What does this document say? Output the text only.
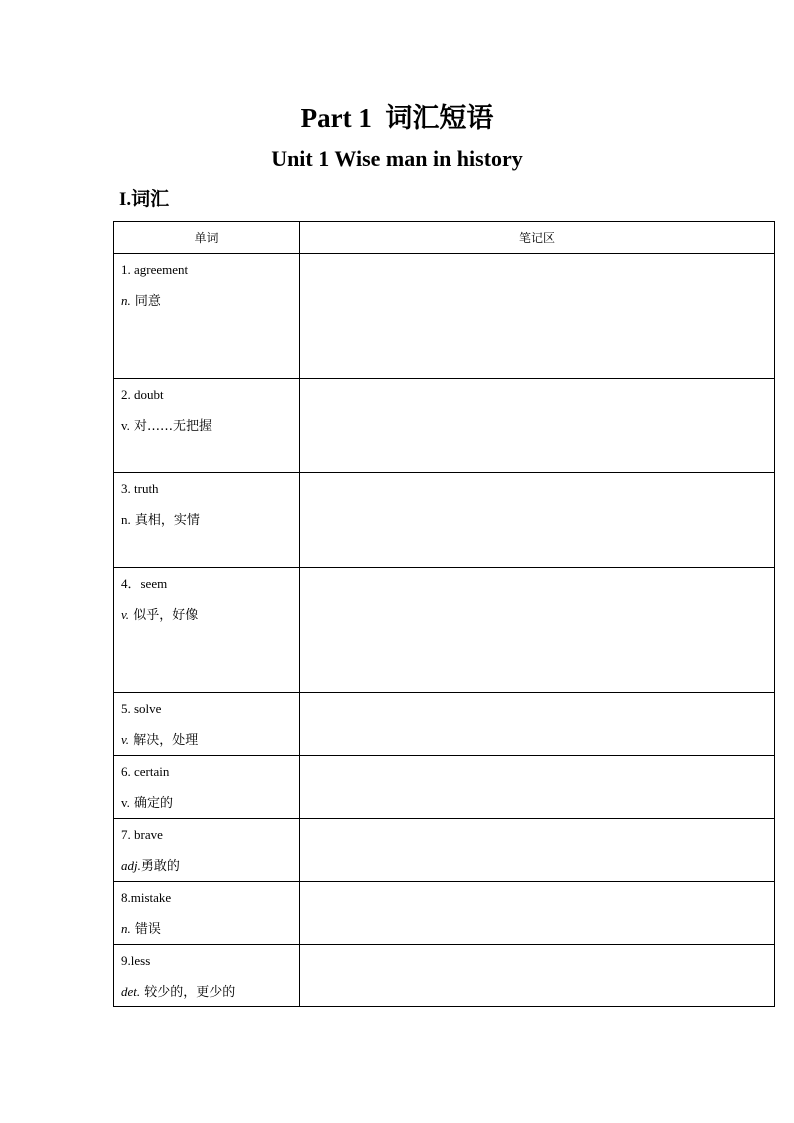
Part 1  词汇短语
Unit 1 Wise man in history
I.词汇
单词	笔记区

1. agreement
n. 同意	

2. doubt
v. 对……无把握	

3. truth
n. 真相，实情	

4．seem
v. 似乎，好像	

5. solve
v. 解决，处理	

6. certain
v. 确定的	

7. brave
adj.勇敢的	

8.mistake
n. 错误	

9.less
det. 较少的，更少的	
